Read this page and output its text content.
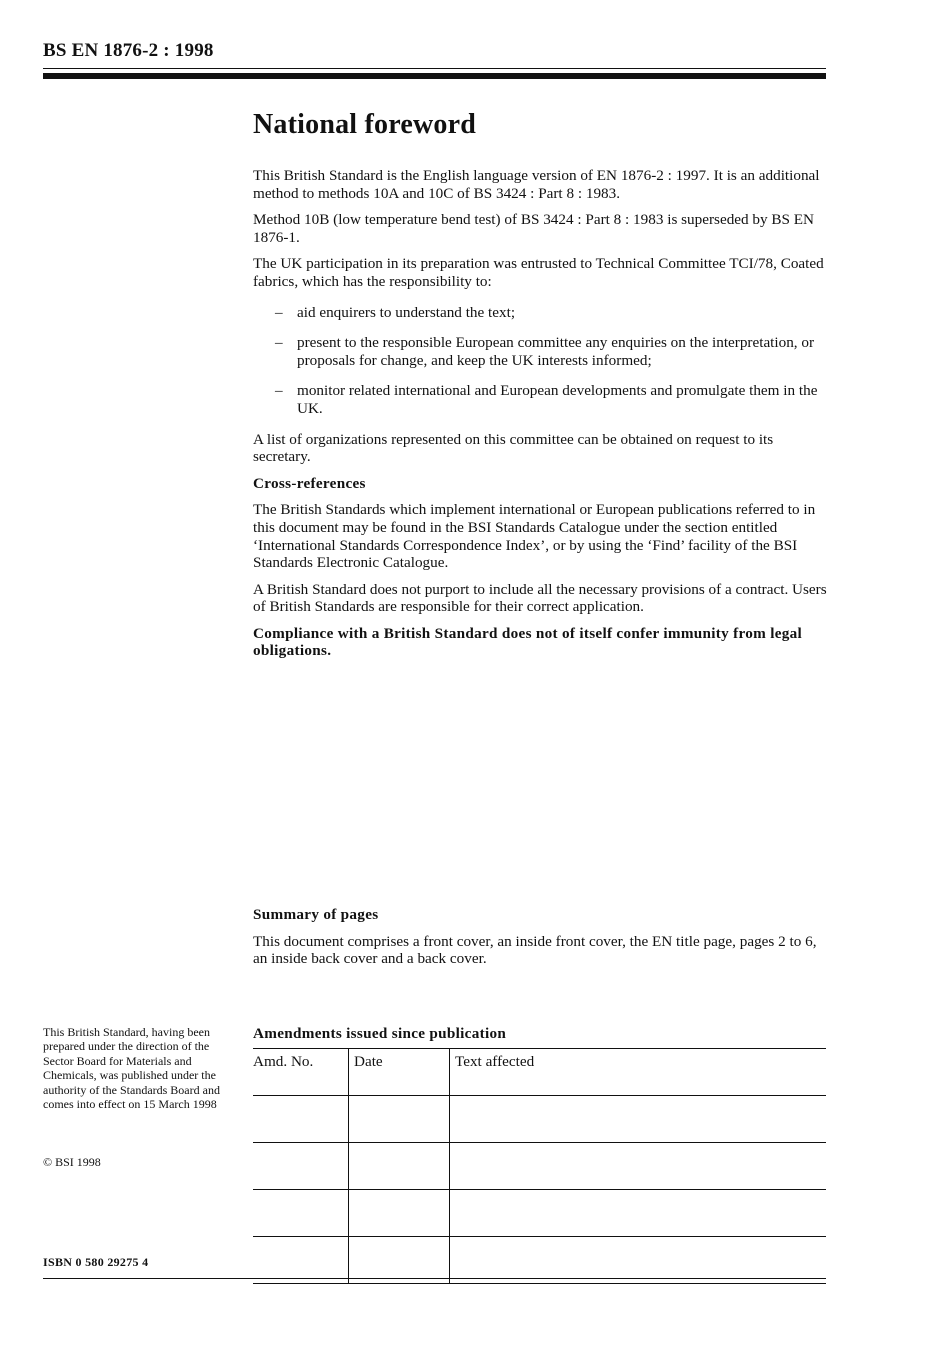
BS EN 1876-2 : 1998
National foreword

This British Standard is the English language version of EN 1876-2 : 1997. It is an additional method to methods 10A and 10C of BS 3424 : Part 8 : 1983.

Method 10B (low temperature bend test) of BS 3424 : Part 8 : 1983 is superseded by BS EN 1876-1.

The UK participation in its preparation was entrusted to Technical Committee TCI/78, Coated fabrics, which has the responsibility to:

– aid enquirers to understand the text;
– present to the responsible European committee any enquiries on the interpretation, or proposals for change, and keep the UK interests informed;
– monitor related international and European developments and promulgate them in the UK.

A list of organizations represented on this committee can be obtained on request to its secretary.

Cross-references

The British Standards which implement international or European publications referred to in this document may be found in the BSI Standards Catalogue under the section entitled ‘International Standards Correspondence Index’, or by using the ‘Find’ facility of the BSI Standards Electronic Catalogue.

A British Standard does not purport to include all the necessary provisions of a contract. Users of British Standards are responsible for their correct application.

Compliance with a British Standard does not of itself confer immunity from legal obligations.

Summary of pages

This document comprises a front cover, an inside front cover, the EN title page, pages 2 to 6, an inside back cover and a back cover.

This British Standard, having been prepared under the direction of the Sector Board for Materials and Chemicals, was published under the authority of the Standards Board and comes into effect on 15 March 1998
© BSI 1998
ISBN 0 580 29275 4
Amendments issued since publication
Amd. No.	Date	Text affected
